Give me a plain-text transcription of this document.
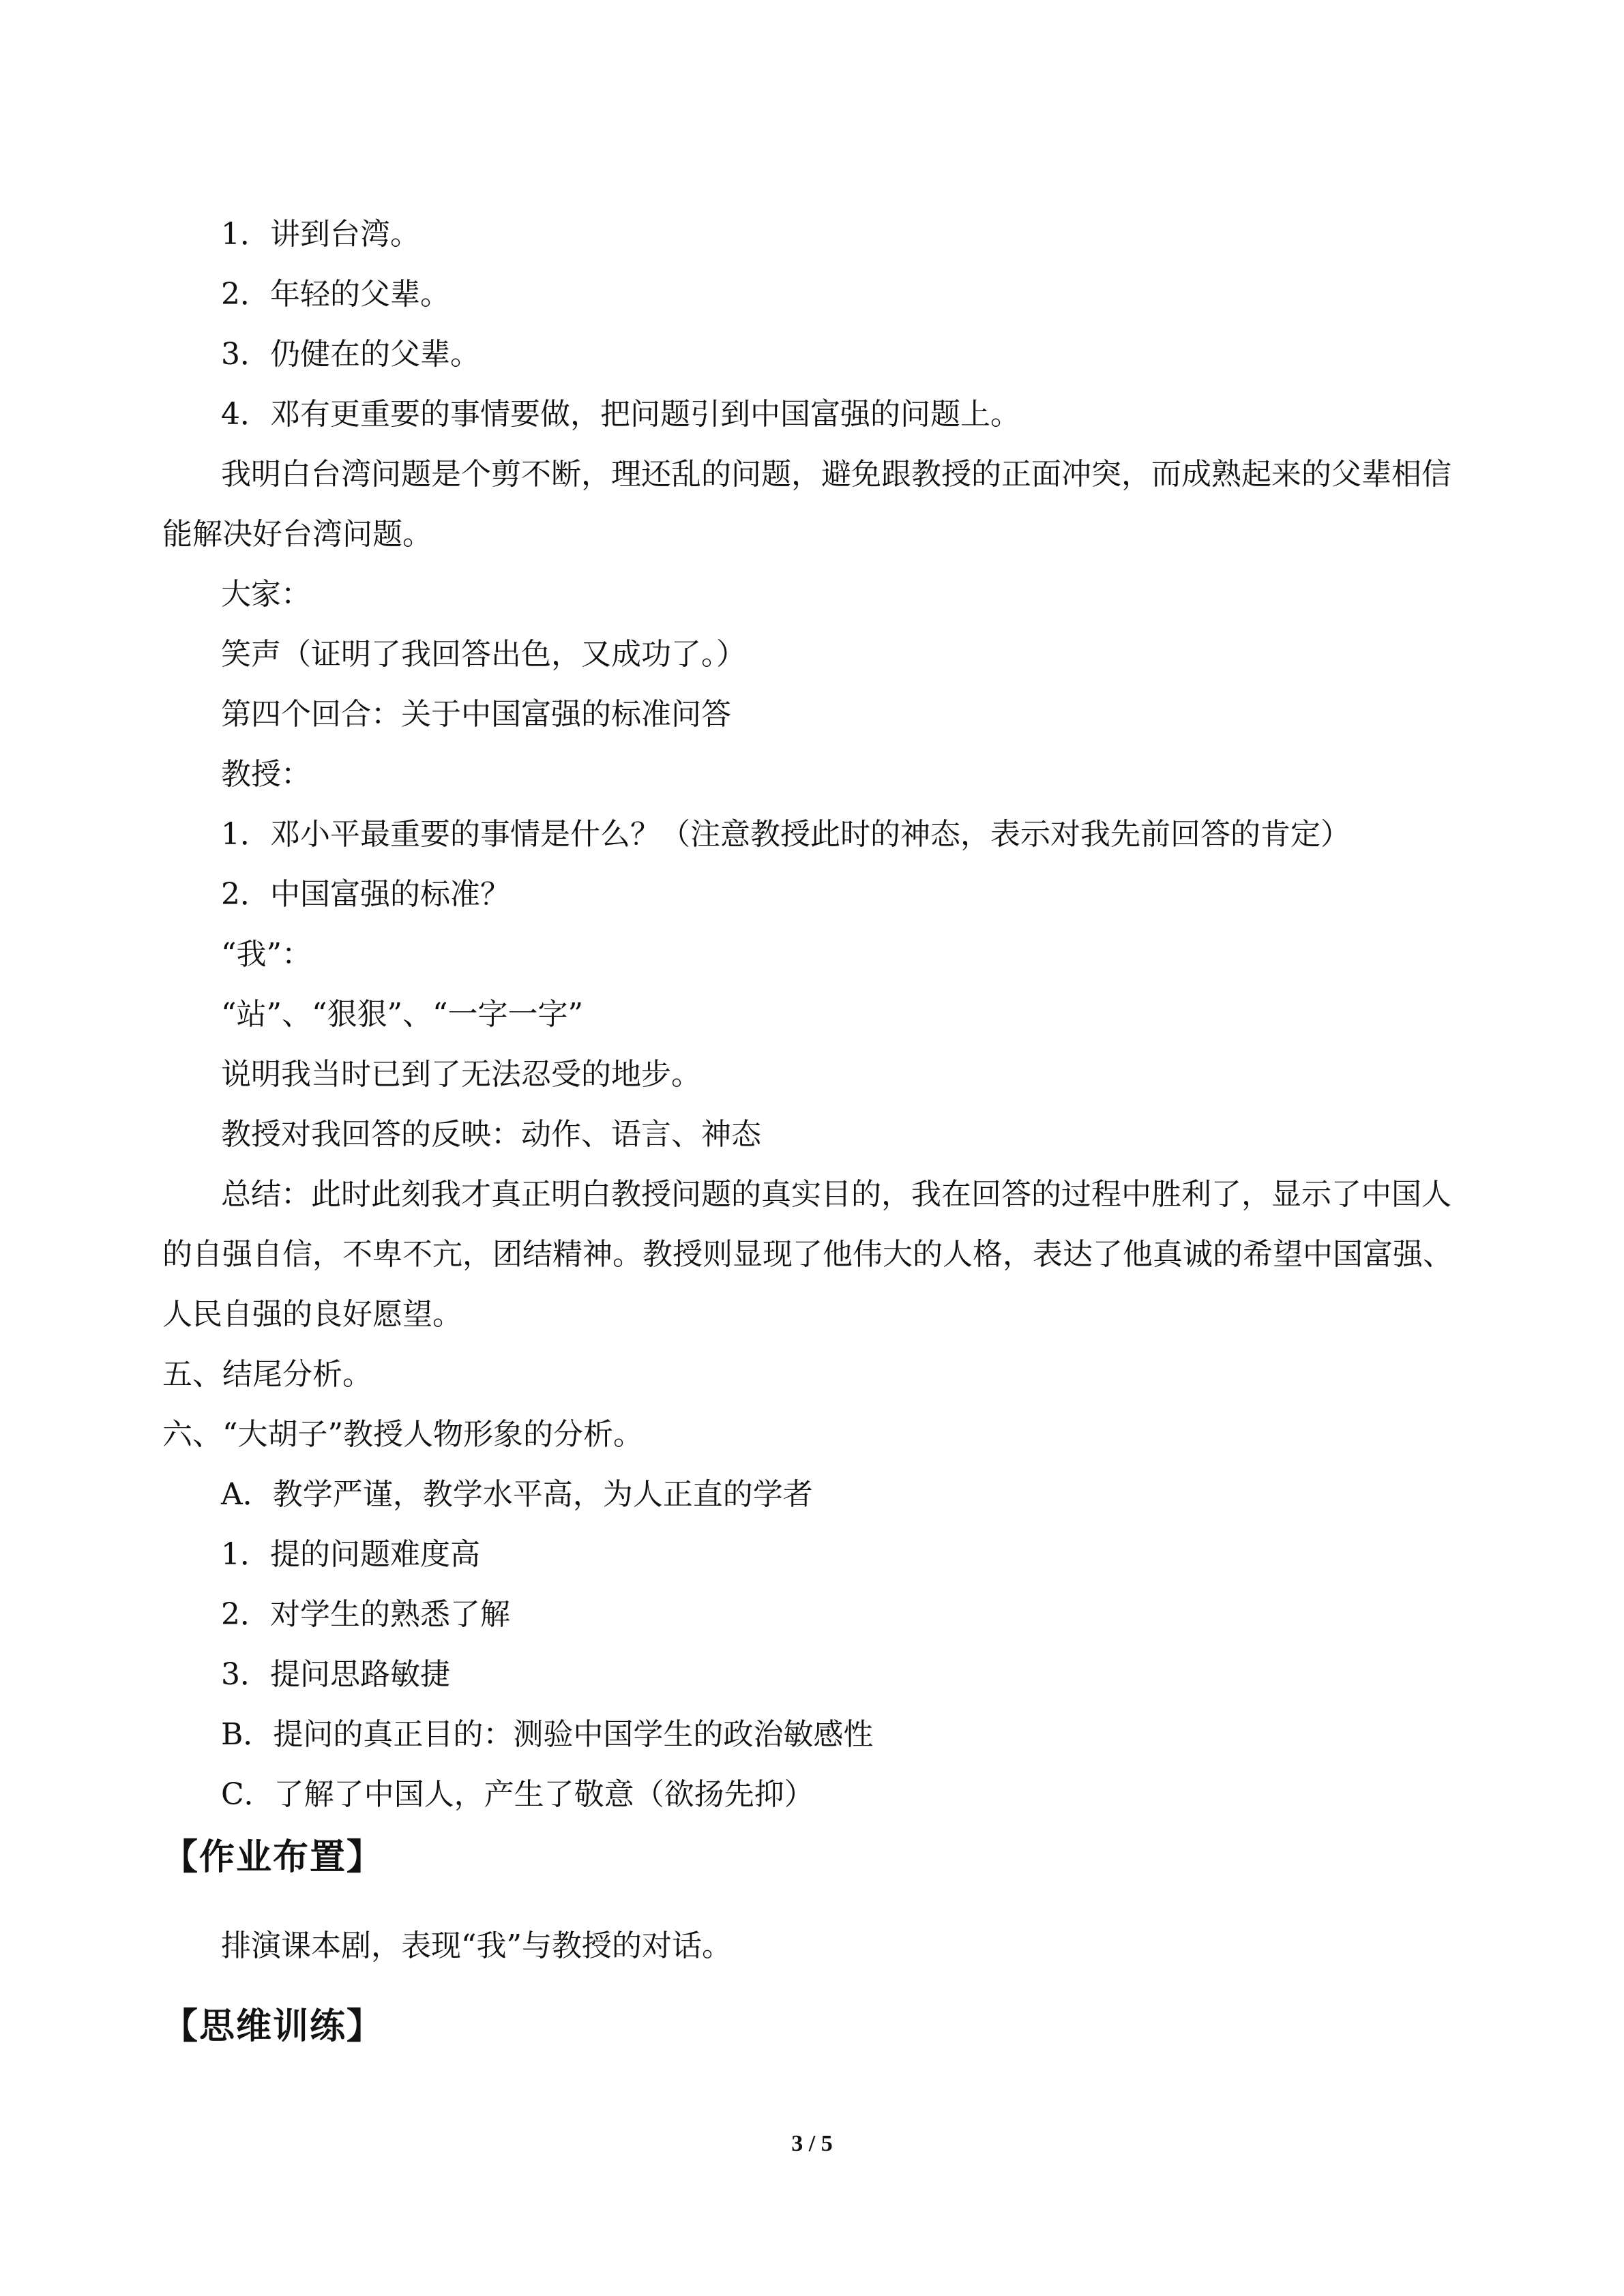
1．讲到台湾。

2．年轻的父辈。

3．仍健在的父辈。

4．邓有更重要的事情要做，把问题引到中国富强的问题上。

我明白台湾问题是个剪不断，理还乱的问题，避免跟教授的正面冲突，而成熟起来的父辈相信能解决好台湾问题。

大家：

笑声（证明了我回答出色，又成功了。）

第四个回合：关于中国富强的标准问答

教授：

1．邓小平最重要的事情是什么？（注意教授此时的神态，表示对我先前回答的肯定）

2．中国富强的标准？

“我”：

“站”、“狠狠”、“一字一字”

说明我当时已到了无法忍受的地步。

教授对我回答的反映：动作、语言、神态

总结：此时此刻我才真正明白教授问题的真实目的，我在回答的过程中胜利了，显示了中国人的自强自信，不卑不亢，团结精神。教授则显现了他伟大的人格，表达了他真诚的希望中国富强、人民自强的良好愿望。

五、结尾分析。

六、“大胡子”教授人物形象的分析。

A．教学严谨，教学水平高，为人正直的学者

1．提的问题难度高

2．对学生的熟悉了解

3．提问思路敏捷

B．提问的真正目的：测验中国学生的政治敏感性

C．了解了中国人，产生了敬意（欲扬先抑）

【作业布置】

排演课本剧，表现“我”与教授的对话。

【思维训练】
3 / 5
